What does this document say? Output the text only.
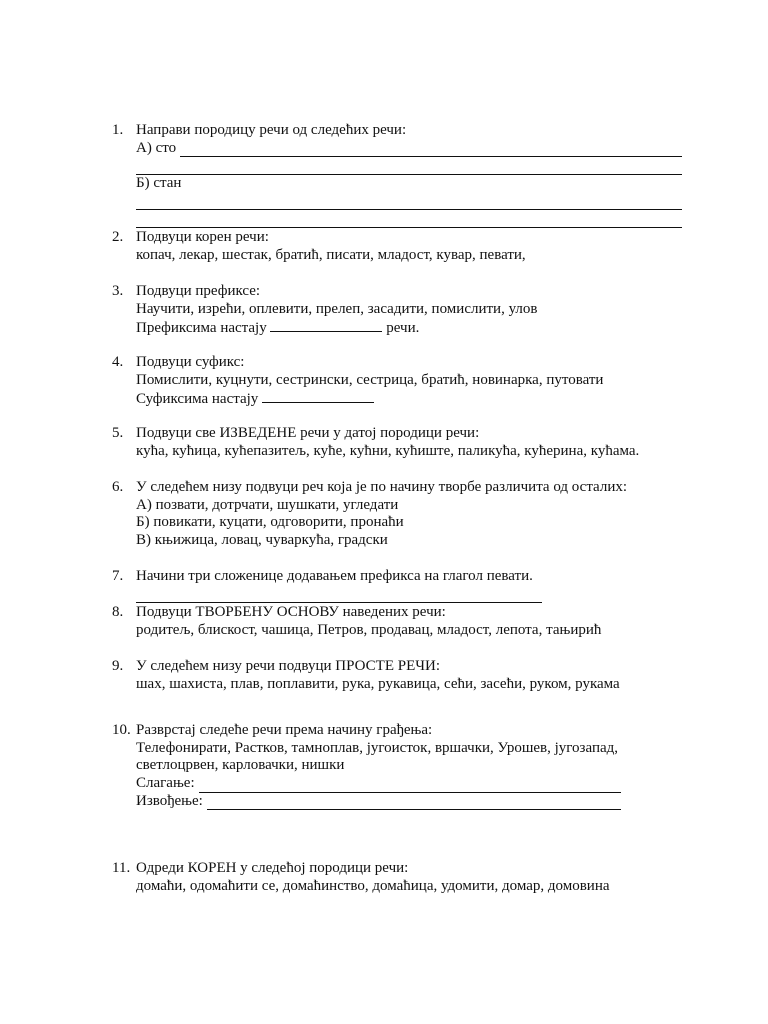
1. Направи породицу речи од следећих речи:
А) сто
Б) стан
2. Подвуци корен речи:
копач, лекар, шестак, братић, писати, младост, кувар, певати,
3. Подвуци префиксе:
Научити, изрећи, оплевити, прелеп, засадити, помислити, улов
Префиксима настају	речи.
4. Подвуци суфикс:
Помислити, куцнути, сестрински, сестрица, братић, новинарка, путовати
Суфиксима настају
5. Подвуци све ИЗВЕДЕНЕ речи у датој породици речи:
кућа, кућица, кућепазитељ, куће, кућни, кућиште, паликућа, кућерина, кућама.
6. У следећем низу подвуци реч која је по начину творбе различита од осталих:
А) позвати, дотрчати, шушкати, угледати
Б) повикати, куцати, одговорити, пронаћи
В) књижица, ловац, чуваркућа, градски
7. Начини три сложенице додавањем префикса на глагол певати.
8. Подвуци ТВОРБЕНУ ОСНОВУ наведених речи:
родитељ, блискост, чашица, Петров, продавац, младост, лепота, тањирић
9. У следећем низу речи подвуци ПРОСТЕ РЕЧИ:
шах, шахиста, плав, поплавити, рука, рукавица, сећи, засећи, руком, рукама
10. Разврстај следеће речи према начину грађења:
Телефонирати, Растков, тамноплав, југоисток, вршачки, Урошев, југозапад,
светлоцрвен, карловачки, нишки
Слагање:
Извођење:
11. Одреди КОРЕН у следећој породици речи:
домаћи, одомаћити се, домаћинство, домаћица, удомити, домар, домовина
